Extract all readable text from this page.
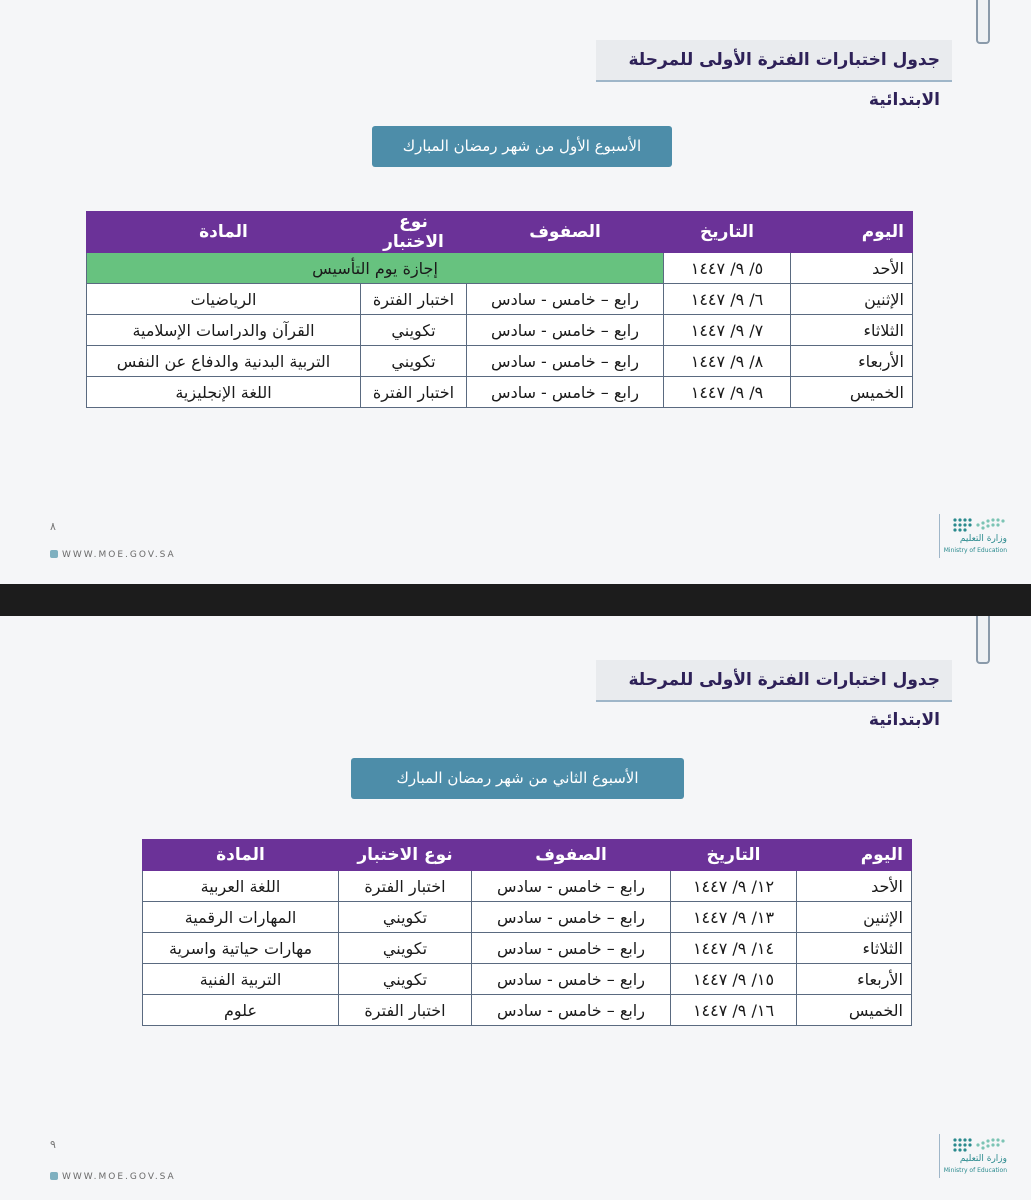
جدول اختبارات الفترة الأولى للمرحلة الابتدائية
الأسبوع الأول من شهر رمضان المبارك
اليوم	التاريخ	الصفوف	نوع الاختبار	المادة
الأحد	٥/ ٩/ ١٤٤٧	إجازة يوم التأسيس		
الإثنين	٦/ ٩/ ١٤٤٧	رابع – خامس - سادس	اختبار الفترة	الرياضيات
الثلاثاء	٧/ ٩/ ١٤٤٧	رابع – خامس - سادس	تكويني	القرآن والدراسات الإسلامية
الأربعاء	٨/ ٩/ ١٤٤٧	رابع – خامس - سادس	تكويني	التربية البدنية والدفاع عن النفس
الخميس	٩/ ٩/ ١٤٤٧	رابع – خامس - سادس	اختبار الفترة	اللغة الإنجليزية
٨
WWW.MOE.GOV.SA
وزارة التعليم
Ministry of Education
جدول اختبارات الفترة الأولى للمرحلة الابتدائية
الأسبوع الثاني من شهر رمضان المبارك
اليوم	التاريخ	الصفوف	نوع الاختبار	المادة
الأحد	١٢/ ٩/ ١٤٤٧	رابع – خامس - سادس	اختبار الفترة	اللغة العربية
الإثنين	١٣/ ٩/ ١٤٤٧	رابع – خامس - سادس	تكويني	المهارات الرقمية
الثلاثاء	١٤/ ٩/ ١٤٤٧	رابع – خامس - سادس	تكويني	مهارات حياتية واسرية
الأربعاء	١٥/ ٩/ ١٤٤٧	رابع – خامس - سادس	تكويني	التربية الفنية
الخميس	١٦/ ٩/ ١٤٤٧	رابع – خامس - سادس	اختبار الفترة	علوم
٩
WWW.MOE.GOV.SA
وزارة التعليم
Ministry of Education
